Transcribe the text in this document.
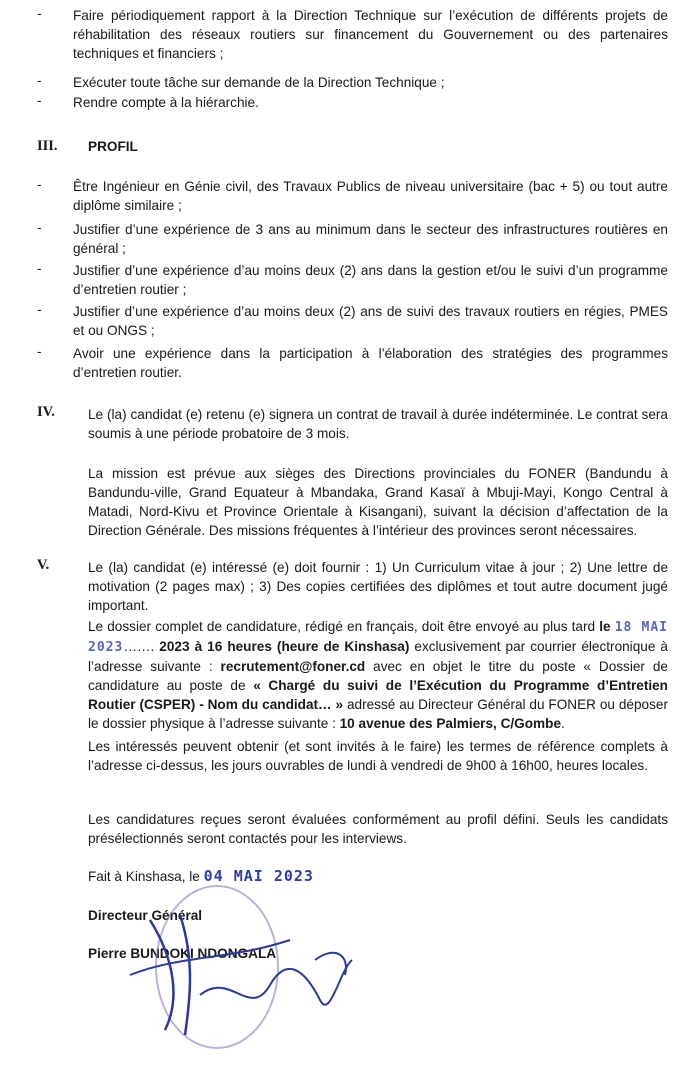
-	Faire périodiquement rapport à la Direction Technique sur l’exécution de différents projets de réhabilitation des réseaux routiers sur financement du Gouvernement ou des partenaires techniques et financiers ;
-	Exécuter toute tâche sur demande de la Direction Technique ;
-	Rendre compte à la hiérarchie.
III. PROFIL
-	Être Ingénieur en Génie civil, des Travaux Publics de niveau universitaire (bac + 5) ou tout autre diplôme similaire ;
-	Justifier d’une expérience de 3 ans au minimum dans le secteur des infrastructures routières en général ;
-	Justifier d’une expérience d’au moins deux (2) ans dans la gestion et/ou le suivi d’un programme d’entretien routier ;
-	Justifier d’une expérience d’au moins deux (2) ans de suivi des travaux routiers en régies, PMES et ou ONGS ;
-	Avoir une expérience dans la participation à l’élaboration des stratégies des programmes d’entretien routier.
IV. Le (la) candidat (e) retenu (e) signera un contrat de travail à durée indéterminée. Le contrat sera soumis à une période probatoire de 3 mois.
La mission est prévue aux sièges des Directions provinciales du FONER (Bandundu à Bandundu-ville, Grand Equateur à Mbandaka, Grand Kasaï à Mbuji-Mayi, Kongo Central à Matadi, Nord-Kivu et Province Orientale à Kisangani), suivant la décision d’affectation de la Direction Générale. Des missions fréquentes à l’intérieur des provinces seront nécessaires.
V.	Le (la) candidat (e) intéressé (e) doit fournir : 1) Un Curriculum vitae à jour ; 2) Une lettre de motivation (2 pages max) ; 3) Des copies certifiées des diplômes et tout autre document jugé important.
Le dossier complet de candidature, rédigé en français, doit être envoyé au plus tard le 18 MAI 2023……. 2023 à 16 heures (heure de Kinshasa) exclusivement par courrier électronique à l’adresse suivante : recrutement@foner.cd avec en objet le titre du poste « Dossier de candidature au poste de « Chargé du suivi de l’Exécution du Programme d’Entretien Routier (CSPER) - Nom du candidat… » adressé au Directeur Général du FONER ou déposer le dossier physique à l’adresse suivante : 10 avenue des Palmiers, C/Gombe.
Les intéressés peuvent obtenir (et sont invités à le faire) les termes de référence complets à l’adresse ci-dessus, les jours ouvrables de lundi à vendredi de 9h00 à 16h00, heures locales.
Les candidatures reçues seront évaluées conformément au profil défini. Seuls les candidats présélectionnés seront contactés pour les interviews.
Fait à Kinshasa, le 04 MAI 2023
Directeur Général
Pierre BUNDOKI NDONGALA
